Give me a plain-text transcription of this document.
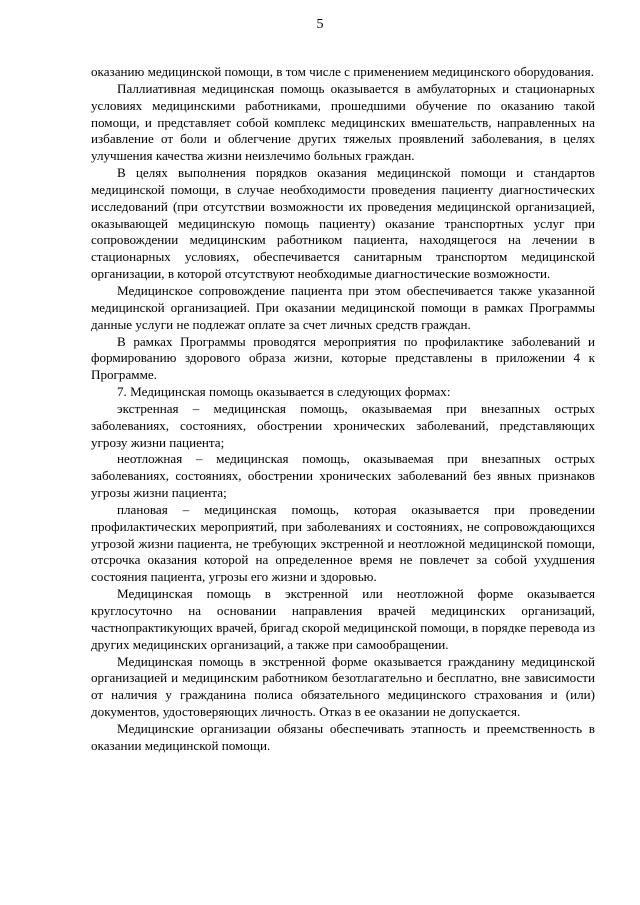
5

оказанию медицинской помощи, в том числе с применением медицинского оборудования.

Паллиативная медицинская помощь оказывается в амбулаторных и стационарных условиях медицинскими работниками, прошедшими обучение по оказанию такой помощи, и представляет собой комплекс медицинских вмешательств, направленных на избавление от боли и облегчение других тяжелых проявлений заболевания, в целях улучшения качества жизни неизлечимо больных граждан.

В целях выполнения порядков оказания медицинской помощи и стандартов медицинской помощи, в случае необходимости проведения пациенту диагностических исследований (при отсутствии возможности их проведения медицинской организацией, оказывающей медицинскую помощь пациенту) оказание транспортных услуг при сопровождении медицинским работником пациента, находящегося на лечении в стационарных условиях, обеспечивается санитарным транспортом медицинской организации, в которой отсутствуют необходимые диагностические возможности.

Медицинское сопровождение пациента при этом обеспечивается также указанной медицинской организацией. При оказании медицинской помощи в рамках Программы данные услуги не подлежат оплате за счет личных средств граждан.

В рамках Программы проводятся мероприятия по профилактике заболеваний и формированию здорового образа жизни, которые представлены в приложении 4 к Программе.

7. Медицинская помощь оказывается в следующих формах:

экстренная – медицинская помощь, оказываемая при внезапных острых заболеваниях, состояниях, обострении хронических заболеваний, представляющих угрозу жизни пациента;

неотложная – медицинская помощь, оказываемая при внезапных острых заболеваниях, состояниях, обострении хронических заболеваний без явных признаков угрозы жизни пациента;

плановая – медицинская помощь, которая оказывается при проведении профилактических мероприятий, при заболеваниях и состояниях, не сопровождающихся угрозой жизни пациента, не требующих экстренной и неотложной медицинской помощи, отсрочка оказания которой на определенное время не повлечет за собой ухудшения состояния пациента, угрозы его жизни и здоровью.

Медицинская помощь в экстренной или неотложной форме оказывается круглосуточно на основании направления врачей медицинских организаций, частнопрактикующих врачей, бригад скорой медицинской помощи, в порядке перевода из других медицинских организаций, а также при самообращении.

Медицинская помощь в экстренной форме оказывается гражданину медицинской организацией и медицинским работником безотлагательно и бесплатно, вне зависимости от наличия у гражданина полиса обязательного медицинского страхования и (или) документов, удостоверяющих личность. Отказ в ее оказании не допускается.

Медицинские организации обязаны обеспечивать этапность и преемственность в оказании медицинской помощи.
